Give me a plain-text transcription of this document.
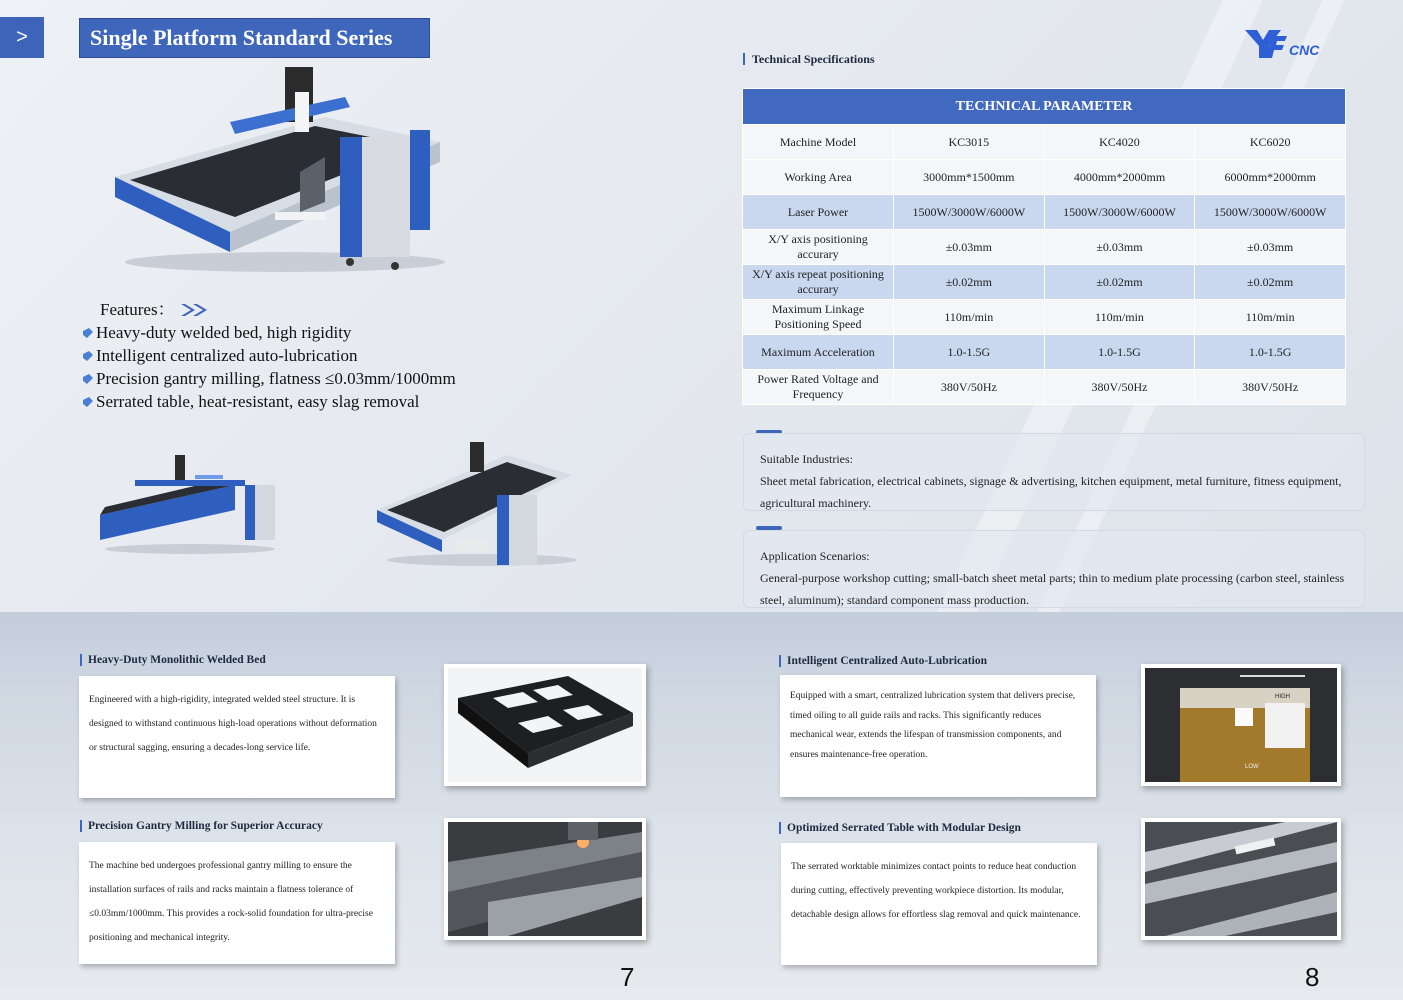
>	Single Platform Standard Series	CNC
Technical Specifications
TECHNICAL PARAMETER			
Machine Model	KC3015	KC4020	KC6020
Working Area	3000mm*1500mm	4000mm*2000mm	6000mm*2000mm
Laser Power	1500W/3000W/6000W	1500W/3000W/6000W	1500W/3000W/6000W
X/Y axis positioning accurary	±0.03mm	±0.03mm	±0.03mm
X/Y axis repeat positioning accurary	±0.02mm	±0.02mm	±0.02mm
Maximum Linkage Positioning Speed	110m/min	110m/min	110m/min
Maximum Acceleration	1.0-1.5G	1.0-1.5G	1.0-1.5G
Power Rated Voltage and Frequency	380V/50Hz	380V/50Hz	380V/50Hz
Suitable Industries:
Sheet metal fabrication, electrical cabinets, signage & advertising, kitchen equipment, metal furniture, fitness equipment, agricultural machinery.
Application Scenarios:
General-purpose workshop cutting; small-batch sheet metal parts; thin to medium plate processing (carbon steel, stainless steel, aluminum); standard component mass production.
Features：
Heavy-duty welded bed, high rigidity
Intelligent centralized auto-lubrication
Precision gantry milling, flatness ≤0.03mm/1000mm
Serrated table, heat-resistant, easy slag removal
Heavy-Duty Monolithic Welded Bed
Engineered with a high-rigidity, integrated welded steel structure. It is designed to withstand continuous high-load operations without deformation or structural sagging, ensuring a decades-long service life.
Precision Gantry Milling for Superior Accuracy
The machine bed undergoes professional gantry milling to ensure the installation surfaces of rails and racks maintain a flatness tolerance of ≤0.03mm/1000mm. This provides a rock-solid foundation for ultra-precise positioning and mechanical integrity.
Intelligent Centralized Auto-Lubrication
Equipped with a smart, centralized lubrication system that delivers precise, timed oiling to all guide rails and racks. This significantly reduces mechanical wear, extends the lifespan of transmission components, and ensures maintenance-free operation.
LOW
HIGH
Optimized Serrated Table with Modular Design
The serrated worktable minimizes contact points to reduce heat conduction during cutting, effectively preventing workpiece distortion. Its modular, detachable design allows for effortless slag removal and quick maintenance.
7	8
